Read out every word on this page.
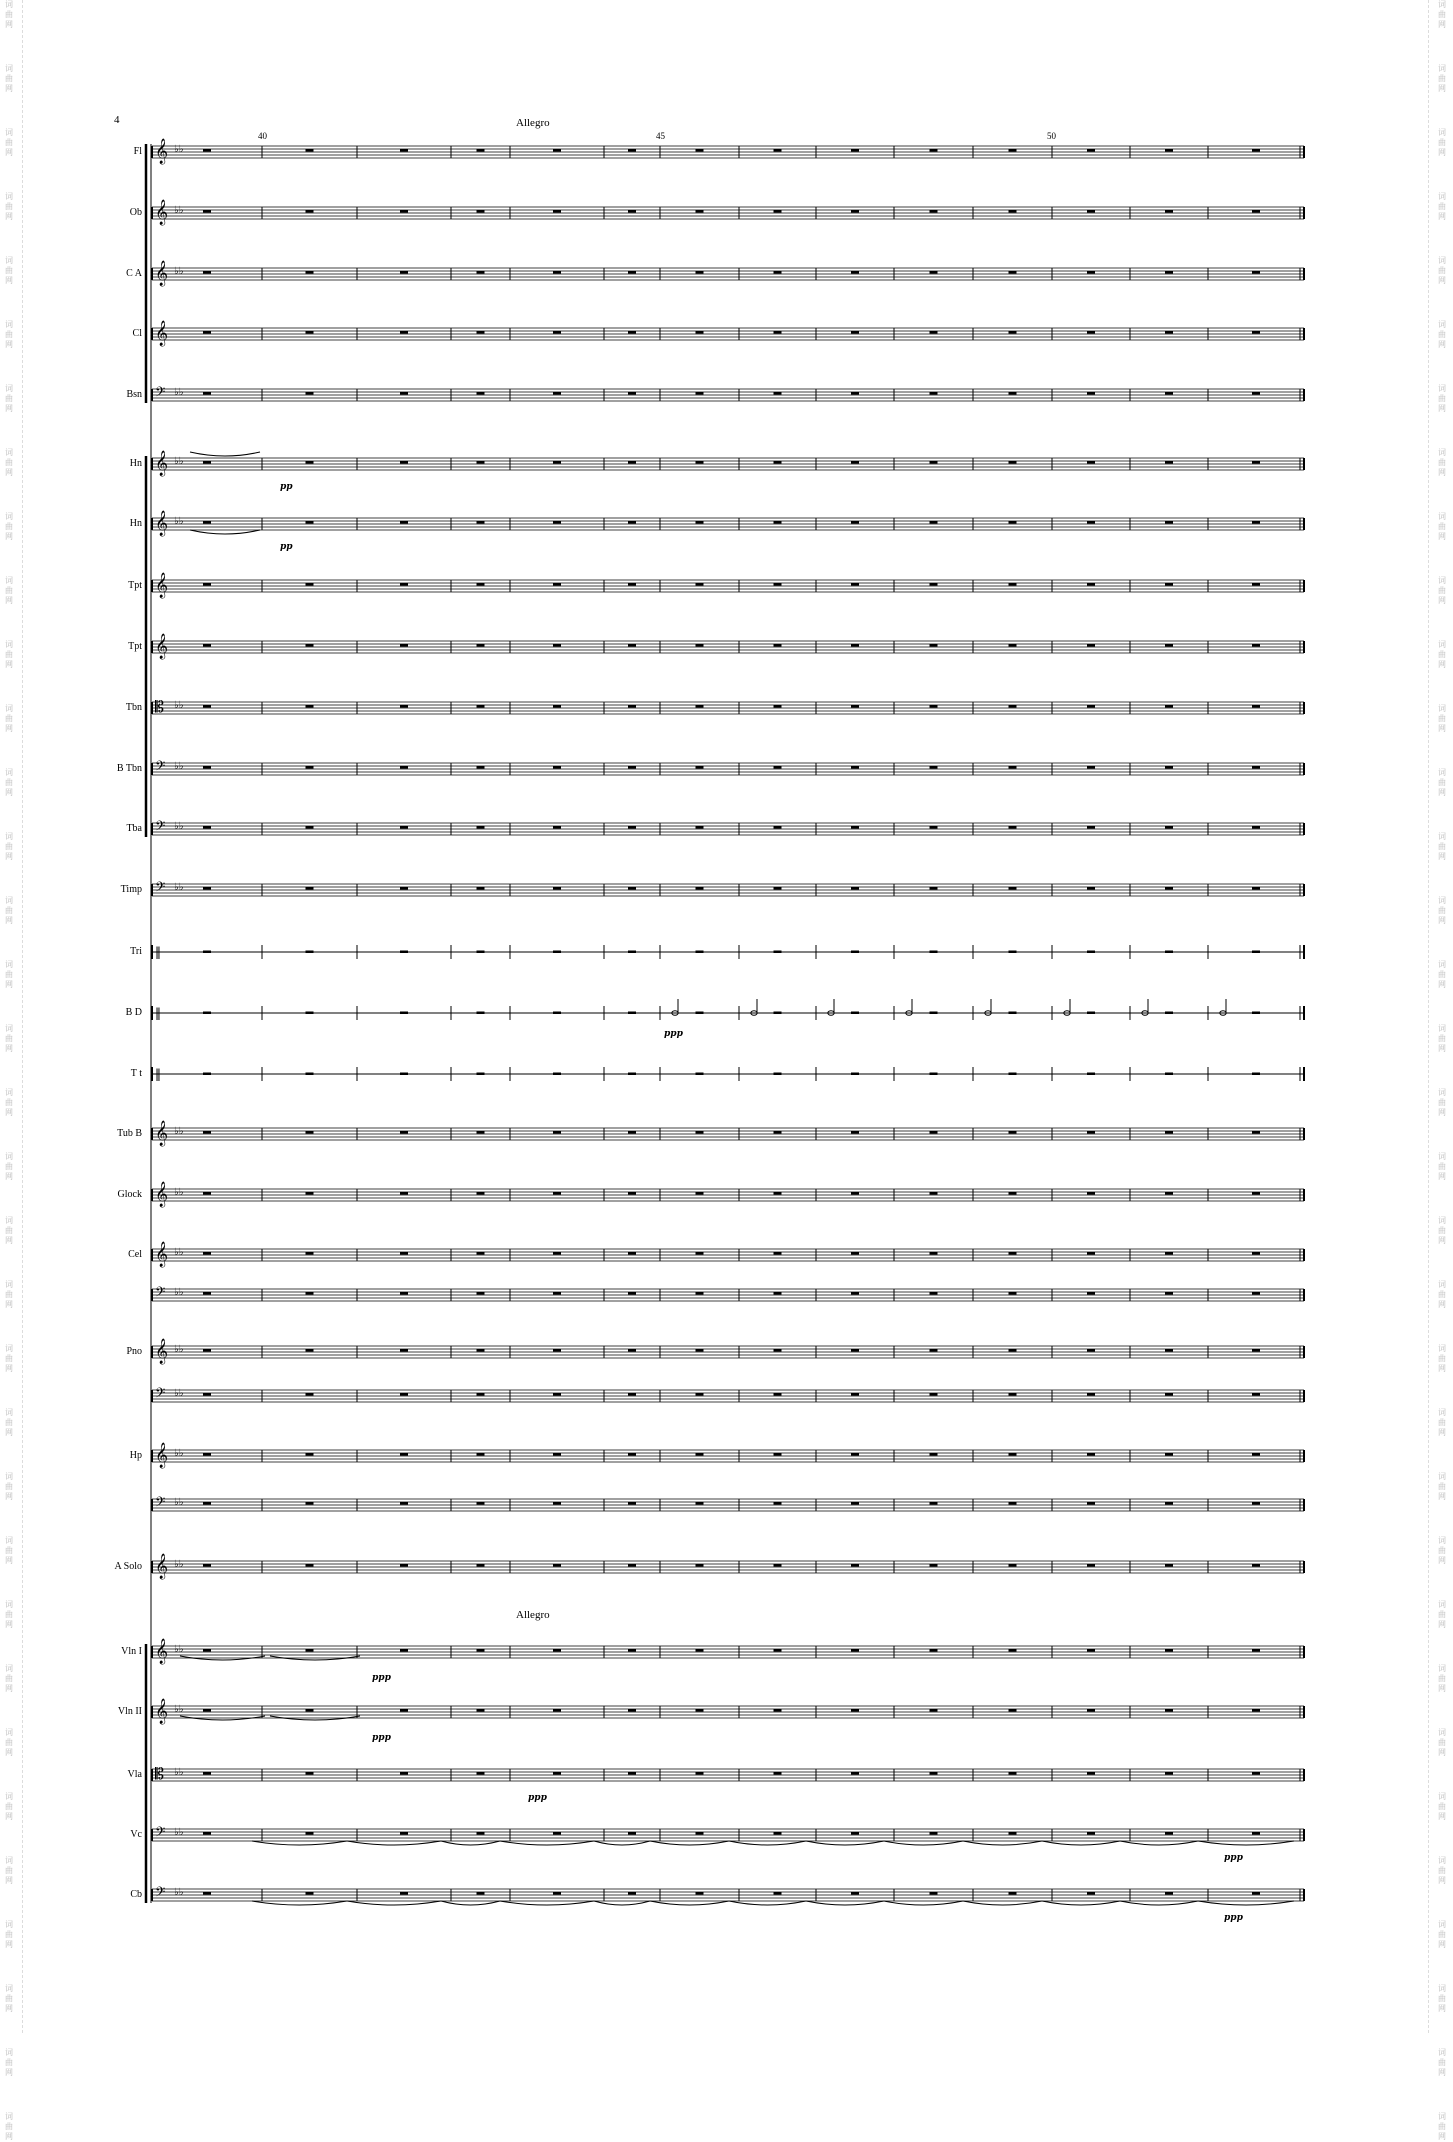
词
曲
网
词
曲
网
词
曲
网
词
曲
网
词
曲
网
词
曲
网
词
曲
网
词
曲
网
词
曲
网
词
曲
网
词
曲
网
词
曲
网
词
曲
网
词
曲
网
词
曲
网
词
曲
网
词
曲
网
词
曲
网
词
曲
网
词
曲
网
词
曲
网
词
曲
网
词
曲
网
词
曲
网
词
曲
网
词
曲
网
词
曲
网
词
曲
网
词
曲
网
词
曲
网
词
曲
网
词
曲
网
词
曲
网
词
曲
网
词
曲
网
词
曲
网
词
曲
网
词
曲
网
词
曲
网
词
曲
网
词
曲
网
词
曲
网
词
曲
网
词
曲
网
词
曲
网
词
曲
网
词
曲
网
词
曲
网
词
曲
网
词
曲
网
词
曲
网
词
曲
网
词
曲
网
词
曲
网
词
曲
网
词
曲
网
词
曲
网
词
曲
网
词
曲
网
词
曲
网
词
曲
网
词
曲
网
词
曲
网
词
曲
网
词
曲
网
词
曲
网
词
曲
网
词
曲
网
4	Allegro
Allegro
40	45	50
Fl
Ob
C A
Cl
Bsn
Hn
Hn
Tpt
Tpt
Tbn
B Tbn
Tba
Timp
Tri
B D
T t
Tub B
Glock
Cel
Pno
Hp
A Solo
Vln I
Vln II
Vla
Vc
Cb
𝄞 ♭♭
𝄞 ♭♭
𝄞 ♭♭
𝄞
𝄢 ♭♭
𝄞 ♭♭
𝄞 ♭♭
𝄞
𝄞
𝄡 ♭♭
𝄢 ♭♭
𝄢 ♭♭
𝄢 ♭♭
‖
‖
‖
𝄞 ♭♭
𝄞 ♭♭
𝄞 ♭♭
𝄢 ♭♭
𝄞 ♭♭
𝄢 ♭♭
𝄞 ♭♭
𝄢 ♭♭
𝄞 ♭♭
𝄞 ♭♭
𝄞 ♭♭
𝄡 ♭♭
𝄢 ♭♭
𝄢 ♭♭
pp
pp
ppp
ppp
ppp
ppp
ppp
ppp
